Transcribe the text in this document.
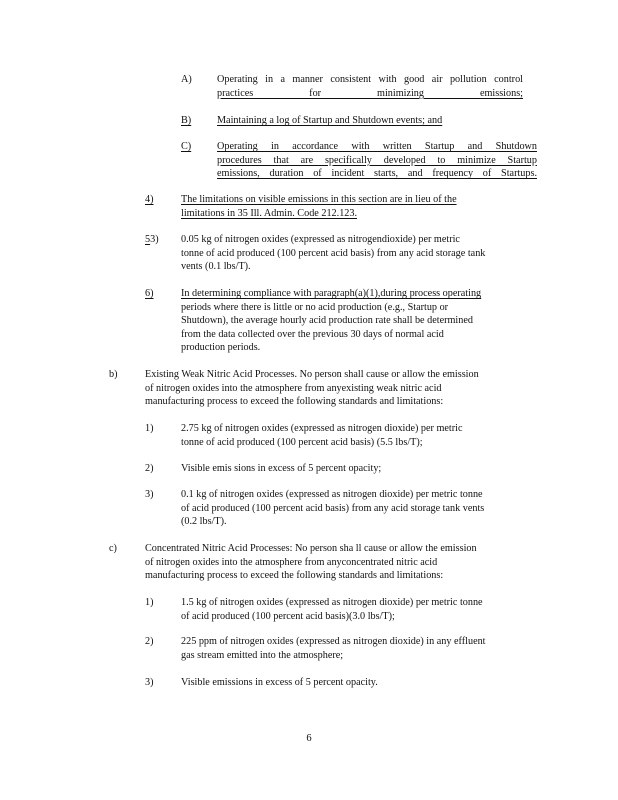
A) Operating in a manner consistent with good air pollution control
practices for minimizing emissions;
B)	Maintaining a log of Startup and Shutdown events; and
C)	Operating in accordance with written Startup and Shutdown
procedures that are specifically developed to minimize Startup
emissions, duration of incident starts, and frequency of Startups.
4)	The limitations on visible emissions in this section are in lieu of the
limitations in 35 Ill. Admin. Code 212.123.
53) 0.05 kg of nitrogen oxides (expressed as nitrogendioxide) per metric
tonne of acid produced (100 percent acid basis) from any acid storage tank
vents (0.1 lbs/T).
6)	In determining compliance with paragraph(a)(1),during process operating
periods where there is little or no acid production (e.g., Startup or
Shutdown), the average hourly acid production rate shall be determined
from the data collected over the previous 30 days of normal acid
production periods.
b)	Existing Weak Nitric Acid Processes. No person shall cause or allow the emission
of nitrogen oxides into the atmosphere from anyexisting weak nitric acid
manufacturing process to exceed the following standards and limitations:
1)	2.75 kg of nitrogen oxides (expressed as nitrogen dioxide) per metric
tonne of acid produced (100 percent acid basis) (5.5 lbs/T);
2)	Visible emis sions in excess of 5 percent opacity;
3)	0.1 kg of nitrogen oxides (expressed as nitrogen dioxide) per metric tonne
of acid produced (100 percent acid basis) from any acid storage tank vents
(0.2 lbs/T).
c)	Concentrated Nitric Acid Processes: No person sha ll cause or allow the emission
of nitrogen oxides into the atmosphere from anyconcentrated nitric acid
manufacturing process to exceed the following standards and limitations:
1)	1.5 kg of nitrogen oxides (expressed as nitrogen dioxide) per metric tonne
of acid produced (100 percent acid basis)(3.0 lbs/T);
2)	225 ppm of nitrogen oxides (expressed as nitrogen dioxide) in any effluent
gas stream emitted into the atmosphere;
3)	Visible emissions in excess of 5 percent opacity.
6
